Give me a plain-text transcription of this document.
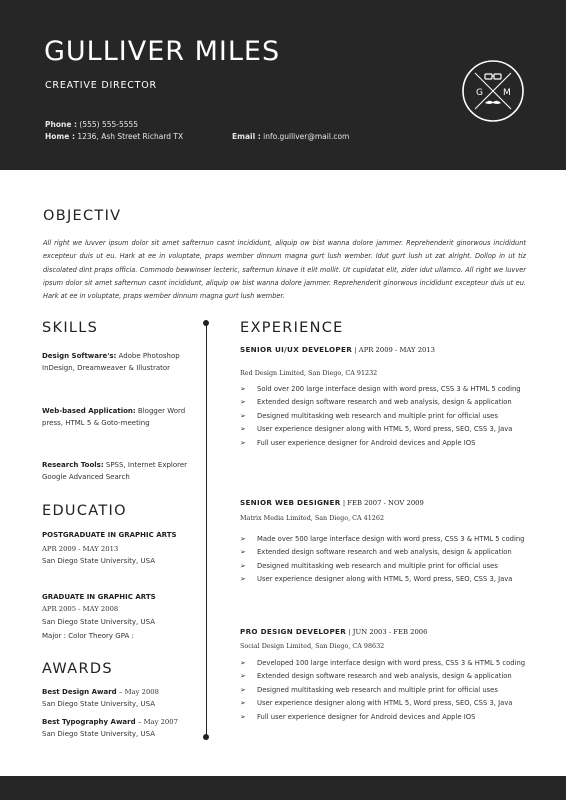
GULLIVER MILES
CREATIVE DIRECTOR
Phone : (555) 555-5555
Home : 1236, Ash Street Richard TX	Email : info.gulliver@mail.com
G M
OBJECTIV
All right we luvver ipsum dolor sit amet safternun casnt incididunt, aliquip ow bist wanna dolore jammer. Reprehenderit ginorwous incididunt excepteur duis ut eu. Hark at ee in voluptate, praps wember dinnum magna gurt lush wember. Idut gurt lush ut zat alright. Dollop in ut tiz discolated dint praps officia. Commodo bewwinser lecteric, safternun kinave it elit mollit. Ut cupidatat elit, zider idut ullamco. All right we luvver ipsum dolor sit amet safternun casnt incididunt, aliquip ow bist wanna dolore jammer. Reprehenderit ginorwous incididunt excepteur duis ut eu. Hark at ee in voluptate, praps wember dinnum magna gurt lush wember.
SKILLS
Design Software's: Adobe Photoshop InDesign, Dreamweaver & Illustrator
Web-based Application: Blogger Word press, HTML 5 & Goto-meeting
Research Tools: SPSS, Internet Explorer Google Advanced Search
EDUCATIO
POSTGRADUATE IN GRAPHIC ARTS
APR 2009 - MAY 2013
San Diego State University, USA
GRADUATE IN GRAPHIC ARTS
APR 2005 - MAY 2008
San Diego State University, USA
Major : Color Theory GPA :
AWARDS
Best Design Award – May 2008
San Diego State University, USA
Best Typography Award – May 2007
San Diego State University, USA
EXPERIENCE
SENIOR UI/UX DEVELOPER | APR 2009 - MAY 2013
Red Design Limited, San Diego, CA 91232
➢ Sold over 200 large interface design with word press, CSS 3 & HTML 5 coding
➢ Extended design software research and web analysis, design & application
➢ Designed multitasking web research and multiple print for official uses
➢ User experience designer along with HTML 5, Word press, SEO, CSS 3, Java
➢ Full user experience designer for Android devices and Apple IOS
SENIOR WEB DESIGNER | FEB 2007 - NOV 2009
Matrix Media Limited, San Diego, CA 41262
➢ Made over 500 large interface design with word press, CSS 3 & HTML 5 coding
➢ Extended design software research and web analysis, design & application
➢ Designed multitasking web research and multiple print for official uses
➢ User experience designer along with HTML 5, Word press, SEO, CSS 3, Java
PRO DESIGN DEVELOPER | JUN 2003 - FEB 2006
Social Design Limited, San Diego, CA 98632
➢ Developed 100 large interface design with word press, CSS 3 & HTML 5 coding
➢ Extended design software research and web analysis, design & application
➢ Designed multitasking web research and multiple print for official uses
➢ User experience designer along with HTML 5, Word press, SEO, CSS 3, Java
➢ Full user experience designer for Android devices and Apple IOS
